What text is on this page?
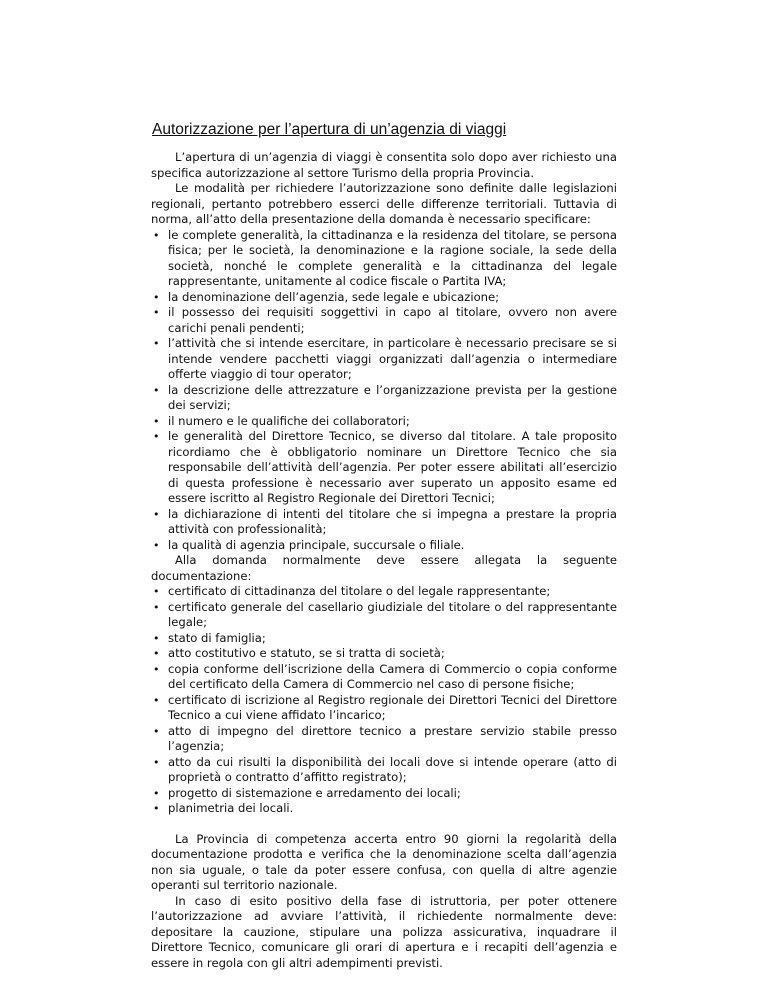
Autorizzazione per l’apertura di un’agenzia di viaggi

L’apertura di un’agenzia di viaggi è consentita solo dopo aver richiesto una specifica autorizzazione al settore Turismo della propria Provincia.

Le modalità per richiedere l’autorizzazione sono definite dalle legislazioni regionali, pertanto potrebbero esserci delle differenze territoriali. Tuttavia di norma, all’atto della presentazione della domanda è necessario specificare:

• le complete generalità, la cittadinanza e la residenza del titolare, se persona fisica; per le società, la denominazione e la ragione sociale, la sede della società, nonché le complete generalità e la cittadinanza del legale rappresentante, unitamente al codice fiscale o Partita IVA;
• la denominazione dell’agenzia, sede legale e ubicazione;
• il possesso dei requisiti soggettivi in capo al titolare, ovvero non avere carichi penali pendenti;
• l’attività che si intende esercitare, in particolare è necessario precisare se si intende vendere pacchetti viaggi organizzati dall’agenzia o intermediare offerte viaggio di tour operator;
• la descrizione delle attrezzature e l’organizzazione prevista per la gestione dei servizi;
• il numero e le qualifiche dei collaboratori;
• le generalità del Direttore Tecnico, se diverso dal titolare. A tale proposito ricordiamo che è obbligatorio nominare un Direttore Tecnico che sia responsabile dell’attività dell’agenzia. Per poter essere abilitati all’esercizio di questa professione è necessario aver superato un apposito esame ed essere iscritto al Registro Regionale dei Direttori Tecnici;
• la dichiarazione di intenti del titolare che si impegna a prestare la propria attività con professionalità;
• la qualità di agenzia principale, succursale o filiale.

Alla domanda normalmente deve essere allegata la seguente documentazione:

• certificato di cittadinanza del titolare o del legale rappresentante;
• certificato generale del casellario giudiziale del titolare o del rappresentante legale;
• stato di famiglia;
• atto costitutivo e statuto, se si tratta di società;
• copia conforme dell’iscrizione della Camera di Commercio o copia conforme del certificato della Camera di Commercio nel caso di persone fisiche;
• certificato di iscrizione al Registro regionale dei Direttori Tecnici del Direttore Tecnico a cui viene affidato l’incarico;
• atto di impegno del direttore tecnico a prestare servizio stabile presso l’agenzia;
• atto da cui risulti la disponibilità dei locali dove si intende operare (atto di proprietà o contratto d’affitto registrato);
• progetto di sistemazione e arredamento dei locali;
• planimetria dei locali.

La Provincia di competenza accerta entro 90 giorni la regolarità della documentazione prodotta e verifica che la denominazione scelta dall’agenzia non sia uguale, o tale da poter essere confusa, con quella di altre agenzie operanti sul territorio nazionale.

In caso di esito positivo della fase di istruttoria, per poter ottenere l’autorizzazione ad avviare l’attività, il richiedente normalmente deve: depositare la cauzione, stipulare una polizza assicurativa, inquadrare il Direttore Tecnico, comunicare gli orari di apertura e i recapiti dell’agenzia e essere in regola con gli altri adempimenti previsti.
